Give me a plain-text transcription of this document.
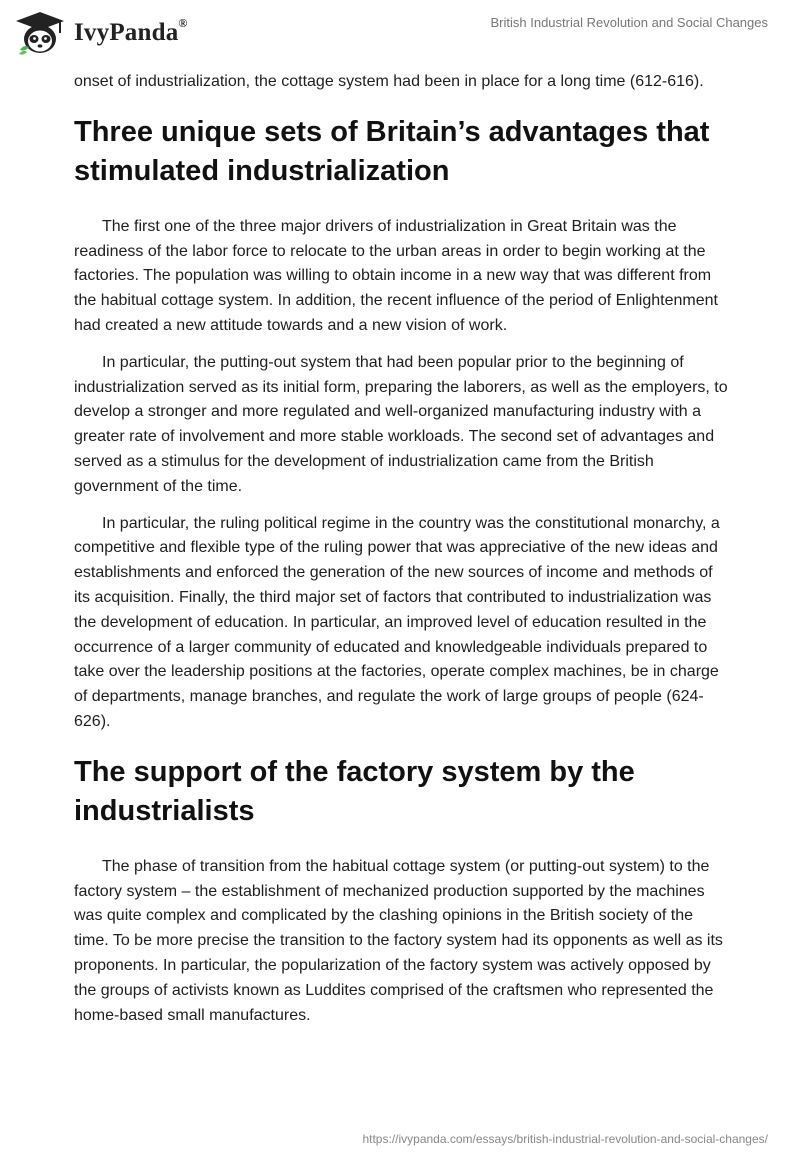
IvyPanda®	British Industrial Revolution and Social Changes

onset of industrialization, the cottage system had been in place for a long time (612-616).

Three unique sets of Britain’s advantages that stimulated industrialization

The first one of the three major drivers of industrialization in Great Britain was the readiness of the labor force to relocate to the urban areas in order to begin working at the factories. The population was willing to obtain income in a new way that was different from the habitual cottage system. In addition, the recent influence of the period of Enlightenment had created a new attitude towards and a new vision of work.

In particular, the putting-out system that had been popular prior to the beginning of industrialization served as its initial form, preparing the laborers, as well as the employers, to develop a stronger and more regulated and well-organized manufacturing industry with a greater rate of involvement and more stable workloads. The second set of advantages and served as a stimulus for the development of industrialization came from the British government of the time.

In particular, the ruling political regime in the country was the constitutional monarchy, a competitive and flexible type of the ruling power that was appreciative of the new ideas and establishments and enforced the generation of the new sources of income and methods of its acquisition. Finally, the third major set of factors that contributed to industrialization was the development of education. In particular, an improved level of education resulted in the occurrence of a larger community of educated and knowledgeable individuals prepared to take over the leadership positions at the factories, operate complex machines, be in charge of departments, manage branches, and regulate the work of large groups of people (624-626).

The support of the factory system by the industrialists

The phase of transition from the habitual cottage system (or putting-out system) to the factory system – the establishment of mechanized production supported by the machines was quite complex and complicated by the clashing opinions in the British society of the time. To be more precise the transition to the factory system had its opponents as well as its proponents. In particular, the popularization of the factory system was actively opposed by the groups of activists known as Luddites comprised of the craftsmen who represented the home-based small manufactures.

https://ivypanda.com/essays/british-industrial-revolution-and-social-changes/
